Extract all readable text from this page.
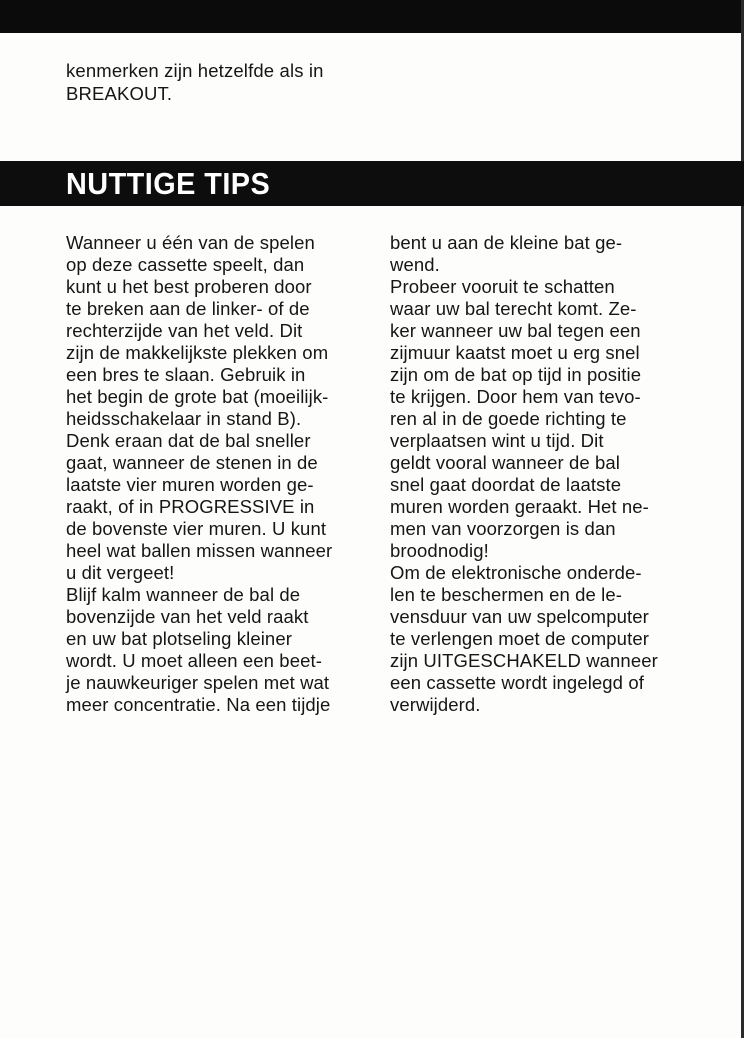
kenmerken zijn hetzelfde als in
BREAKOUT.
NUTTIGE TIPS
Wanneer u één van de spelen
op deze cassette speelt, dan
kunt u het best proberen door
te breken aan de linker- of de
rechterzijde van het veld. Dit
zijn de makkelijkste plekken om
een bres te slaan. Gebruik in
het begin de grote bat (moeilijk-
heidsschakelaar in stand B).
Denk eraan dat de bal sneller
gaat, wanneer de stenen in de
laatste vier muren worden ge-
raakt, of in PROGRESSIVE in
de bovenste vier muren. U kunt
heel wat ballen missen wanneer
u dit vergeet!
Blijf kalm wanneer de bal de
bovenzijde van het veld raakt
en uw bat plotseling kleiner
wordt. U moet alleen een beet-
je nauwkeuriger spelen met wat
meer concentratie. Na een tijdje
bent u aan de kleine bat ge-
wend.
Probeer vooruit te schatten
waar uw bal terecht komt. Ze-
ker wanneer uw bal tegen een
zijmuur kaatst moet u erg snel
zijn om de bat op tijd in positie
te krijgen. Door hem van tevo-
ren al in de goede richting te
verplaatsen wint u tijd. Dit
geldt vooral wanneer de bal
snel gaat doordat de laatste
muren worden geraakt. Het ne-
men van voorzorgen is dan
broodnodig!
Om de elektronische onderde-
len te beschermen en de le-
vensduur van uw spelcomputer
te verlengen moet de computer
zijn UITGESCHAKELD wanneer
een cassette wordt ingelegd of
verwijderd.
